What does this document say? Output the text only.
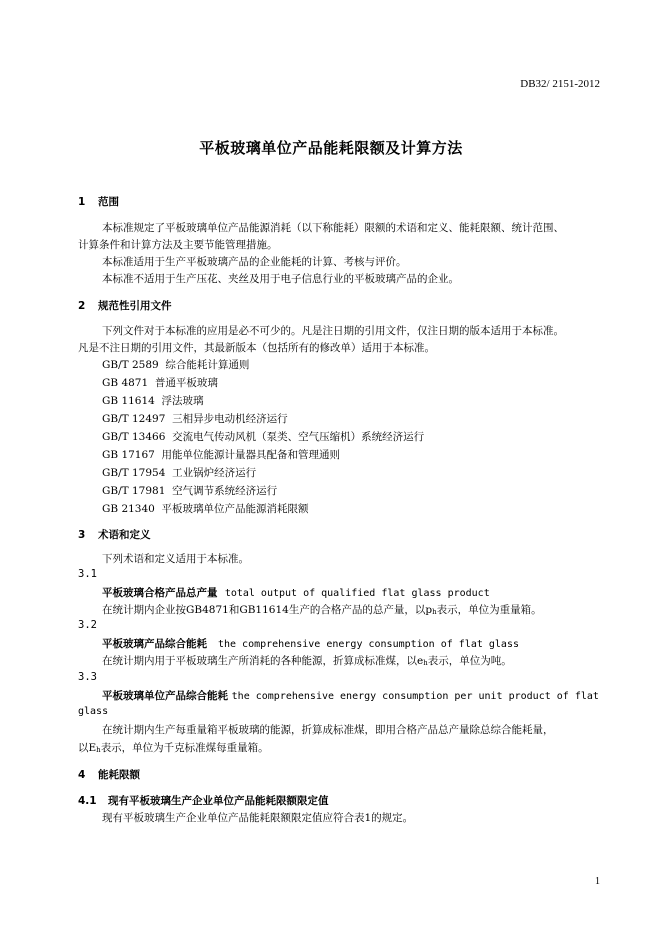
DB32/ 2151-2012
平板玻璃单位产品能耗限额及计算方法
1 范围
本标准规定了平板玻璃单位产品能源消耗（以下称能耗）限额的术语和定义、能耗限额、统计范围、
计算条件和计算方法及主要节能管理措施。
本标准适用于生产平板玻璃产品的企业能耗的计算、考核与评价。
本标准不适用于生产压花、夹丝及用于电子信息行业的平板玻璃产品的企业。
2 规范性引用文件
下列文件对于本标准的应用是必不可少的。凡是注日期的引用文件，仅注日期的版本适用于本标准。
凡是不注日期的引用文件，其最新版本（包括所有的修改单）适用于本标准。
GB/T 2589 综合能耗计算通则
GB 4871 普通平板玻璃
GB 11614 浮法玻璃
GB/T 12497 三相异步电动机经济运行
GB/T 13466 交流电气传动风机（泵类、空气压缩机）系统经济运行
GB 17167 用能单位能源计量器具配备和管理通则
GB/T 17954 工业锅炉经济运行
GB/T 17981 空气调节系统经济运行
GB 21340 平板玻璃单位产品能源消耗限额
3 术语和定义
下列术语和定义适用于本标准。
3.1
平板玻璃合格产品总产量 total output of qualified flat glass product
在统计期内企业按GB4871和GB11614生产的合格产品的总产量，以ph表示，单位为重量箱。
3.2
平板玻璃产品综合能耗 the comprehensive energy consumption of flat glass
在统计期内用于平板玻璃生产所消耗的各种能源，折算成标准煤，以eh表示，单位为吨。
3.3
平板玻璃单位产品综合能耗 the comprehensive energy consumption per unit product of flat
glass
在统计期内生产每重量箱平板玻璃的能源，折算成标准煤，即用合格产品总产量除总综合能耗量，
以Eh表示，单位为千克标准煤每重量箱。
4 能耗限额
4.1 现有平板玻璃生产企业单位产品能耗限额限定值
现有平板玻璃生产企业单位产品能耗限额限定值应符合表1的规定。
1
